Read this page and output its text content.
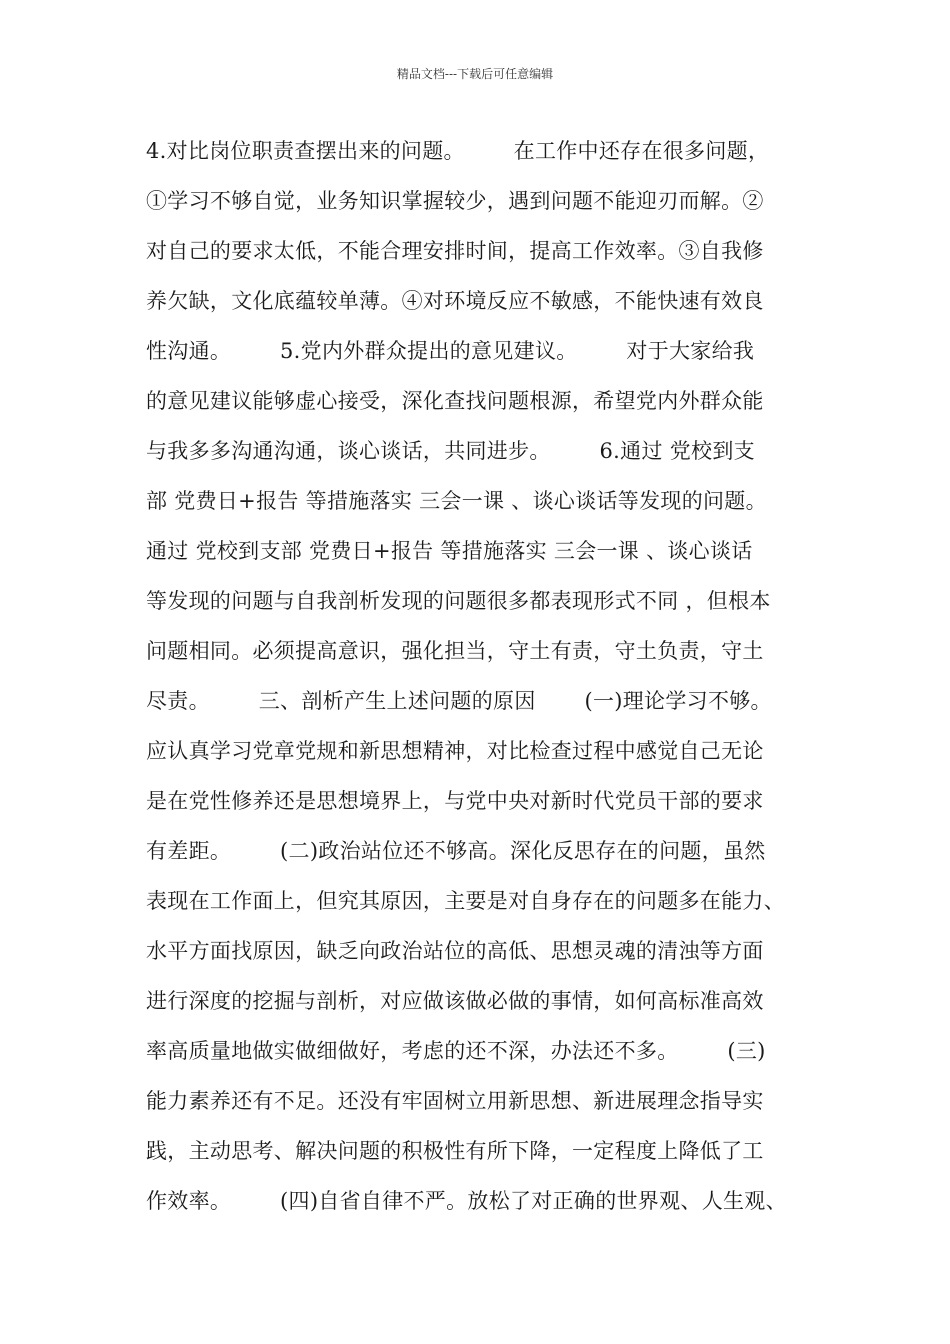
精品文档---下载后可任意编辑
4.对比岗位职责查摆出来的问题。       在工作中还存在很多问题，
①学习不够自觉，业务知识掌握较少，遇到问题不能迎刃而解。②
对自己的要求太低，不能合理安排时间，提高工作效率。③自我修
养欠缺，文化底蕴较单薄。④对环境反应不敏感，不能快速有效良
性沟通。       5.党内外群众提出的意见建议。       对于大家给我
的意见建议能够虚心接受，深化查找问题根源，希望党内外群众能
与我多多沟通沟通，谈心谈话，共同进步。       6.通过 党校到支
部 党费日+报告 等措施落实 三会一课 、谈心谈话等发现的问题。
通过 党校到支部 党费日+报告 等措施落实 三会一课 、谈心谈话
等发现的问题与自我剖析发现的问题很多都表现形式不同 ，但根本
问题相同。必须提高意识，强化担当，守土有责，守土负责，守土
尽责。       三、剖析产生上述问题的原因       (一)理论学习不够。
应认真学习党章党规和新思想精神，对比检查过程中感觉自己无论
是在党性修养还是思想境界上，与党中央对新时代党员干部的要求
有差距。       (二)政治站位还不够高。深化反思存在的问题，虽然
表现在工作面上，但究其原因，主要是对自身存在的问题多在能力、
水平方面找原因，缺乏向政治站位的高低、思想灵魂的清浊等方面
进行深度的挖掘与剖析，对应做该做必做的事情，如何高标准高效
率高质量地做实做细做好，考虑的还不深，办法还不多。       (三)
能力素养还有不足。还没有牢固树立用新思想、新进展理念指导实
践，主动思考、解决问题的积极性有所下降，一定程度上降低了工
作效率。       (四)自省自律不严。放松了对正确的世界观、人生观、
